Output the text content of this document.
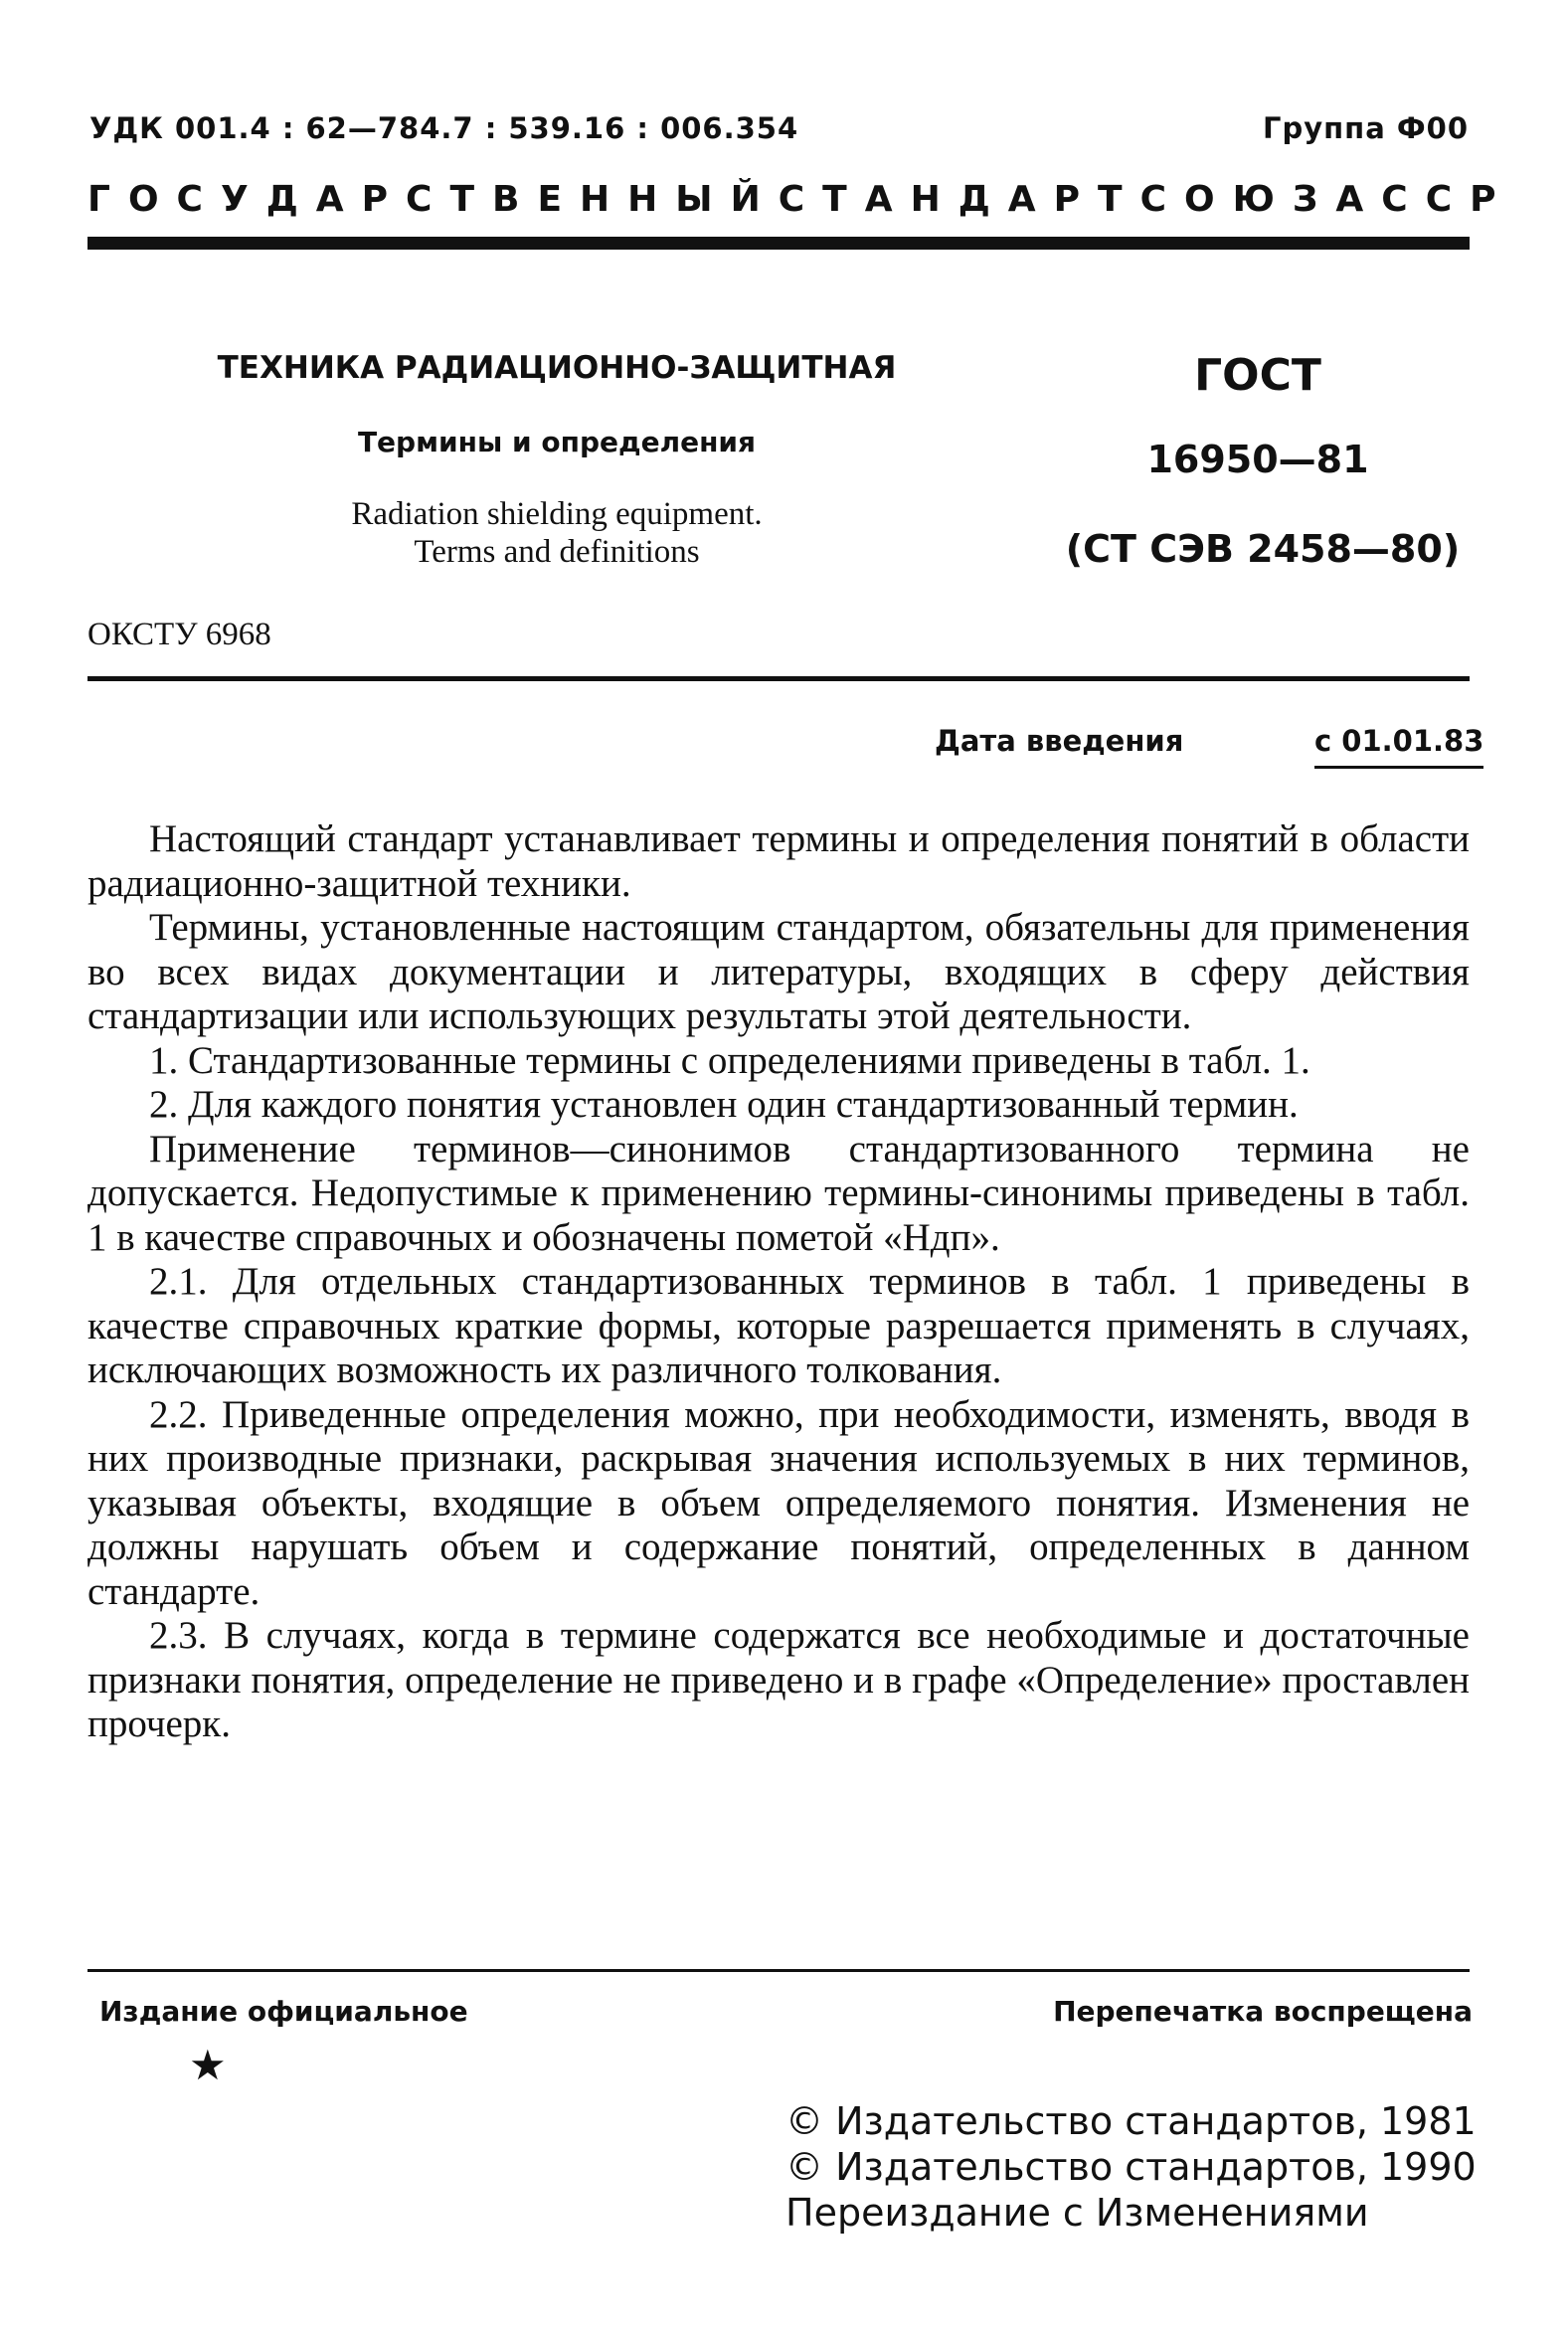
УДК 001.4 : 62—784.7 : 539.16 : 006.354	Группа Ф00
ГОСУДАРСТВЕННЫЙ СТАНДАРТ СОЮЗА ССР
ТЕХНИКА РАДИАЦИОННО-ЗАЩИТНАЯ
Термины и определения
Radiation shielding equipment.
Terms and definitions
ГОСТ
16950—81
(СТ СЭВ 2458—80)
ОКСТУ 6968
Дата введения	с 01.01.83

Настоящий стандарт устанавливает термины и определения понятий в области радиационно-защитной техники.

Термины, установленные настоящим стандартом, обязательны для применения во всех видах документации и литературы, входящих в сферу действия стандартизации или использующих результаты этой деятельности.

1. Стандартизованные термины с определениями приведены в табл. 1.

2. Для каждого понятия установлен один стандартизованный термин.

Применение терминов—синонимов стандартизованного термина не допускается. Недопустимые к применению термины-синонимы приведены в табл. 1 в качестве справочных и обозначены пометой «Ндп».

2.1. Для отдельных стандартизованных терминов в табл. 1 приведены в качестве справочных краткие формы, которые разрешается применять в случаях, исключающих возможность их различного толкования.

2.2. Приведенные определения можно, при необходимости, изменять, вводя в них производные признаки, раскрывая значения используемых в них терминов, указывая объекты, входящие в объем определяемого понятия. Изменения не должны нарушать объем и содержание понятий, определенных в данном стандарте.

2.3. В случаях, когда в термине содержатся все необходимые и достаточные признаки понятия, определение не приведено и в графе «Определение» проставлен прочерк.

Издание официальное
★
Перепечатка воспрещена
© Издательство стандартов, 1981
© Издательство стандартов, 1990
Переиздание с Изменениями
